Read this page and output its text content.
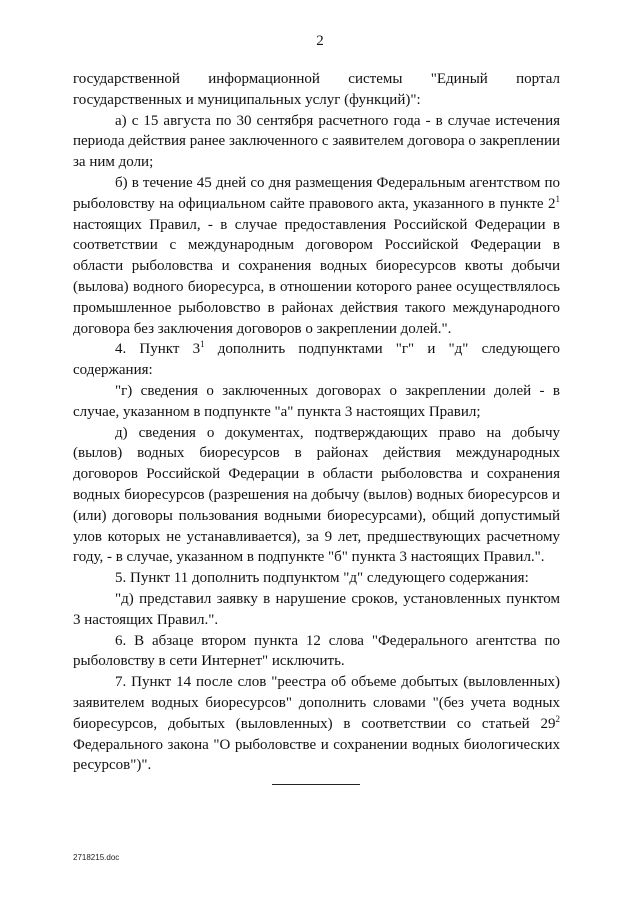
2

государственной информационной системы "Единый портал государственных и муниципальных услуг (функций)":

а) с 15 августа по 30 сентября расчетного года - в случае истечения периода действия ранее заключенного с заявителем договора о закреплении за ним доли;

б) в течение 45 дней со дня размещения Федеральным агентством по рыболовству на официальном сайте правового акта, указанного в пункте $2^1$ настоящих Правил, - в случае предоставления Российской Федерации в соответствии с международным договором Российской Федерации в области рыболовства и сохранения водных биоресурсов квоты добычи (вылова) водного биоресурса, в отношении которого ранее осуществлялось промышленное рыболовство в районах действия такого международного договора без заключения договоров о закреплении долей.".

4. Пункт $3^1$ дополнить подпунктами "г" и "д" следующего содержания:

"г) сведения о заключенных договорах о закреплении долей - в случае, указанном в подпункте "а" пункта 3 настоящих Правил;

д) сведения о документах, подтверждающих право на добычу (вылов) водных биоресурсов в районах действия международных договоров Российской Федерации в области рыболовства и сохранения водных биоресурсов (разрешения на добычу (вылов) водных биоресурсов и (или) договоры пользования водными биоресурсами), общий допустимый улов которых не устанавливается), за 9 лет, предшествующих расчетному году, - в случае, указанном в подпункте "б" пункта 3 настоящих Правил.".

5. Пункт 11 дополнить подпунктом "д" следующего содержания:

"д) представил заявку в нарушение сроков, установленных пунктом 3 настоящих Правил.".

6. В абзаце втором пункта 12 слова "Федерального агентства по рыболовству в сети Интернет" исключить.

7. Пункт 14 после слов "реестра об объеме добытых (выловленных) заявителем водных биоресурсов" дополнить словами "(без учета водных биоресурсов, добытых (выловленных) в соответствии со статьей $29^2$ Федерального закона "О рыболовстве и сохранении водных биологических ресурсов")".

2718215.doc
